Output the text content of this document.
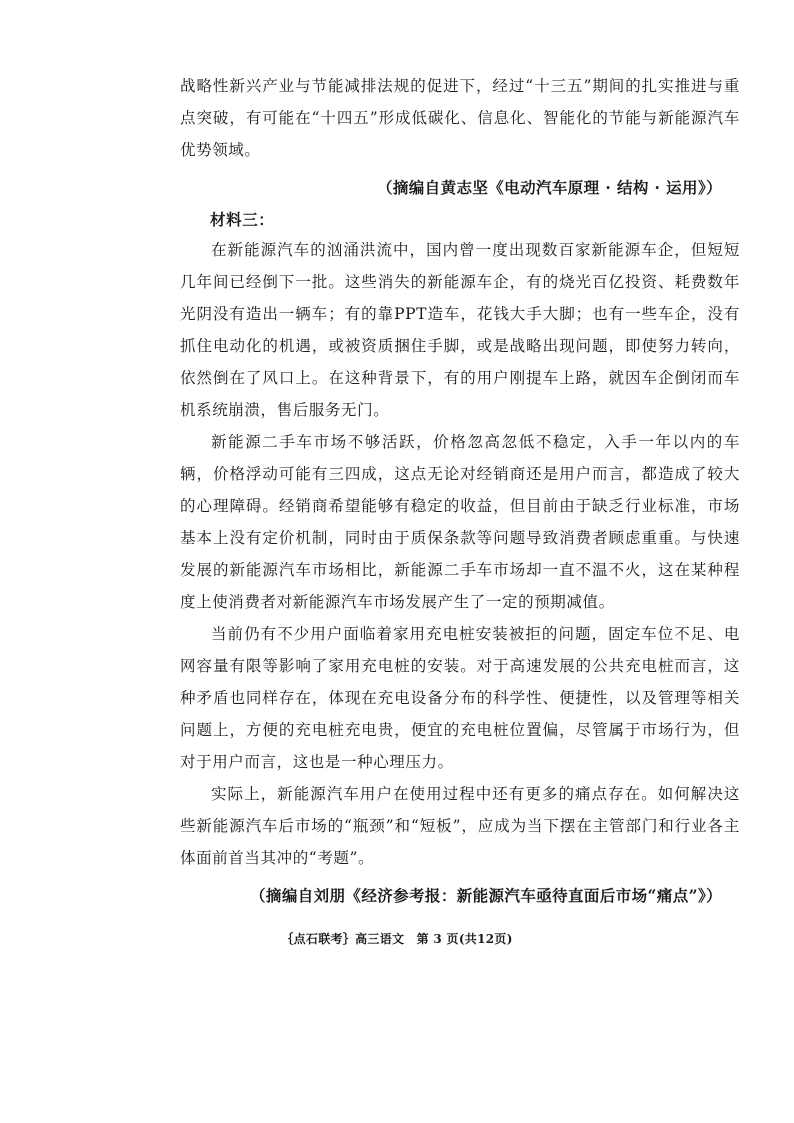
战略性新兴产业与节能减排法规的促进下，经过“十三五”期间的扎实推进与重点突破，有可能在“十四五”形成低碳化、信息化、智能化的节能与新能源汽车优势领域。

（摘编自黄志坚《电动汽车原理 · 结构 · 运用》）

材料三：

在新能源汽车的汹涌洪流中，国内曾一度出现数百家新能源车企，但短短几年间已经倒下一批。这些消失的新能源车企，有的烧光百亿投资、耗费数年光阴没有造出一辆车；有的靠PPT造车，花钱大手大脚；也有一些车企，没有抓住电动化的机遇，或被资质捆住手脚，或是战略出现问题，即使努力转向，依然倒在了风口上。在这种背景下，有的用户刚提车上路，就因车企倒闭而车机系统崩溃，售后服务无门。

新能源二手车市场不够活跃，价格忽高忽低不稳定，入手一年以内的车辆，价格浮动可能有三四成，这点无论对经销商还是用户而言，都造成了较大的心理障碍。经销商希望能够有稳定的收益，但目前由于缺乏行业标准，市场基本上没有定价机制，同时由于质保条款等问题导致消费者顾虑重重。与快速发展的新能源汽车市场相比，新能源二手车市场却一直不温不火，这在某种程度上使消费者对新能源汽车市场发展产生了一定的预期减值。

当前仍有不少用户面临着家用充电桩安装被拒的问题，固定车位不足、电网容量有限等影响了家用充电桩的安装。对于高速发展的公共充电桩而言，这种矛盾也同样存在，体现在充电设备分布的科学性、便捷性，以及管理等相关问题上，方便的充电桩充电贵，便宜的充电桩位置偏，尽管属于市场行为，但对于用户而言，这也是一种心理压力。

实际上，新能源汽车用户在使用过程中还有更多的痛点存在。如何解决这些新能源汽车后市场的“瓶颈”和“短板”，应成为当下摆在主管部门和行业各主体面前首当其冲的“考题”。

（摘编自刘朋《经济参考报：新能源汽车亟待直面后市场“痛点”》）

｛点石联考｝高三语文　第 3 页(共12页)
